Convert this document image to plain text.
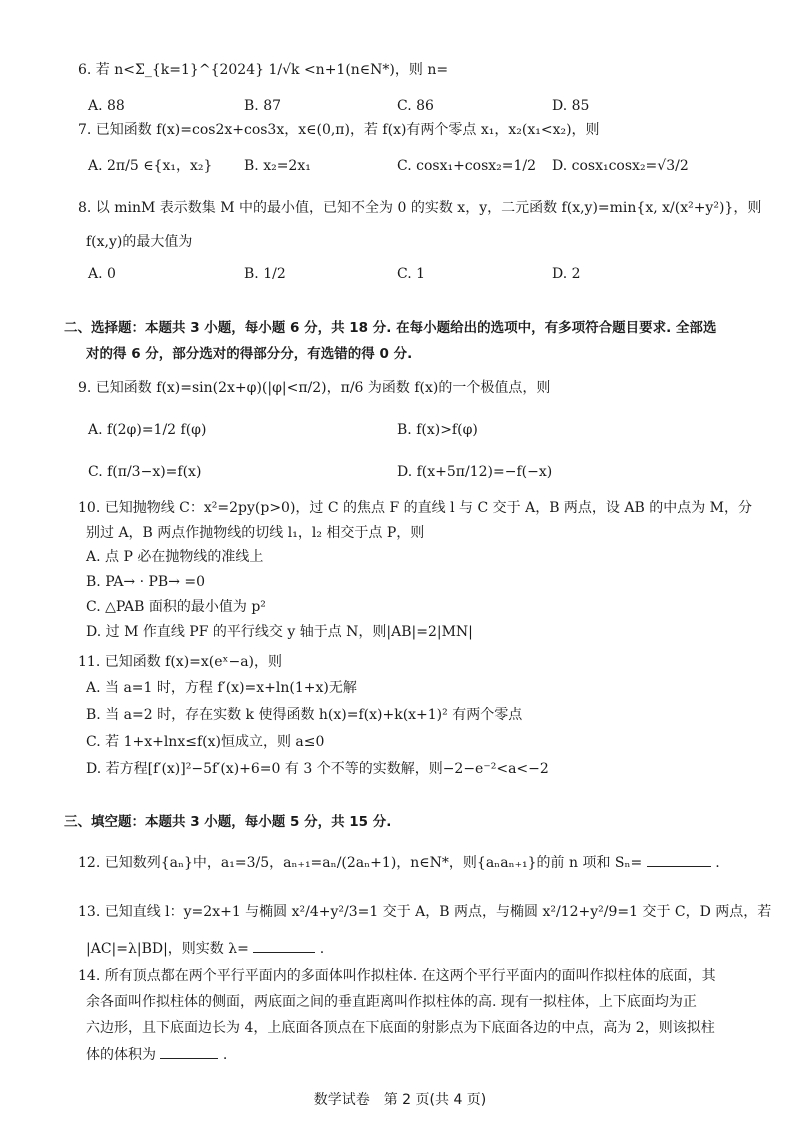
6. 若 n<Σ_{k=1}^{2024} 1/√k <n+1(n∈N*)，则 n=
A. 88	B. 87	C. 86	D. 85
7. 已知函数 f(x)=cos2x+cos3x，x∈(0,π)，若 f(x)有两个零点 x₁，x₂(x₁<x₂)，则
A. 2π/5 ∈{x₁，x₂} B. x₂=2x₁	C. cosx₁+cosx₂=1/2 D. cosx₁cosx₂=√3/2
8. 以 minM 表示数集 M 中的最小值，已知不全为 0 的实数 x，y，二元函数 f(x,y)=min{x, x/(x²+y²)}，则
f(x,y)的最大值为
A. 0	B. 1/2	C. 1	D. 2
二、选择题：本题共 3 小题，每小题 6 分，共 18 分. 在每小题给出的选项中，有多项符合题目要求. 全部选
对的得 6 分，部分选对的得部分分，有选错的得 0 分.
9. 已知函数 f(x)=sin(2x+φ)(|φ|<π/2)，π/6 为函数 f(x)的一个极值点，则
A. f(2φ)=1/2 f(φ)	B. f(x)>f(φ)
C. f(π/3−x)=f(x)	D. f(x+5π/12)=−f(−x)
10. 已知抛物线 C：x²=2py(p>0)，过 C 的焦点 F 的直线 l 与 C 交于 A，B 两点，设 AB 的中点为 M，分
别过 A，B 两点作抛物线的切线 l₁，l₂ 相交于点 P，则
A. 点 P 必在抛物线的准线上
B. PA→ · PB→ =0
C. △PAB 面积的最小值为 p²
D. 过 M 作直线 PF 的平行线交 y 轴于点 N，则|AB|=2|MN|
11. 已知函数 f(x)=x(eˣ−a)，则
A. 当 a=1 时，方程 f′(x)=x+ln(1+x)无解
B. 当 a=2 时，存在实数 k 使得函数 h(x)=f(x)+k(x+1)² 有两个零点
C. 若 1+x+lnx≤f(x)恒成立，则 a≤0
D. 若方程[f′(x)]²−5f′(x)+6=0 有 3 个不等的实数解，则−2−e⁻²<a<−2
三、填空题：本题共 3 小题，每小题 5 分，共 15 分.
12. 已知数列{aₙ}中，a₁=3/5，aₙ₊₁=aₙ/(2aₙ+1)，n∈N*，则{aₙaₙ₊₁}的前 n 项和 Sₙ=	.
13. 已知直线 l：y=2x+1 与椭圆 x²/4+y²/3=1 交于 A，B 两点，与椭圆 x²/12+y²/9=1 交于 C，D 两点，若
|AC|=λ|BD|，则实数 λ=	.
14. 所有顶点都在两个平行平面内的多面体叫作拟柱体. 在这两个平行平面内的面叫作拟柱体的底面，其
余各面叫作拟柱体的侧面，两底面之间的垂直距离叫作拟柱体的高. 现有一拟柱体，上下底面均为正
六边形，且下底面边长为 4，上底面各顶点在下底面的射影点为下底面各边的中点，高为 2，则该拟柱
体的体积为	.
数学试卷　第 2 页(共 4 页)
